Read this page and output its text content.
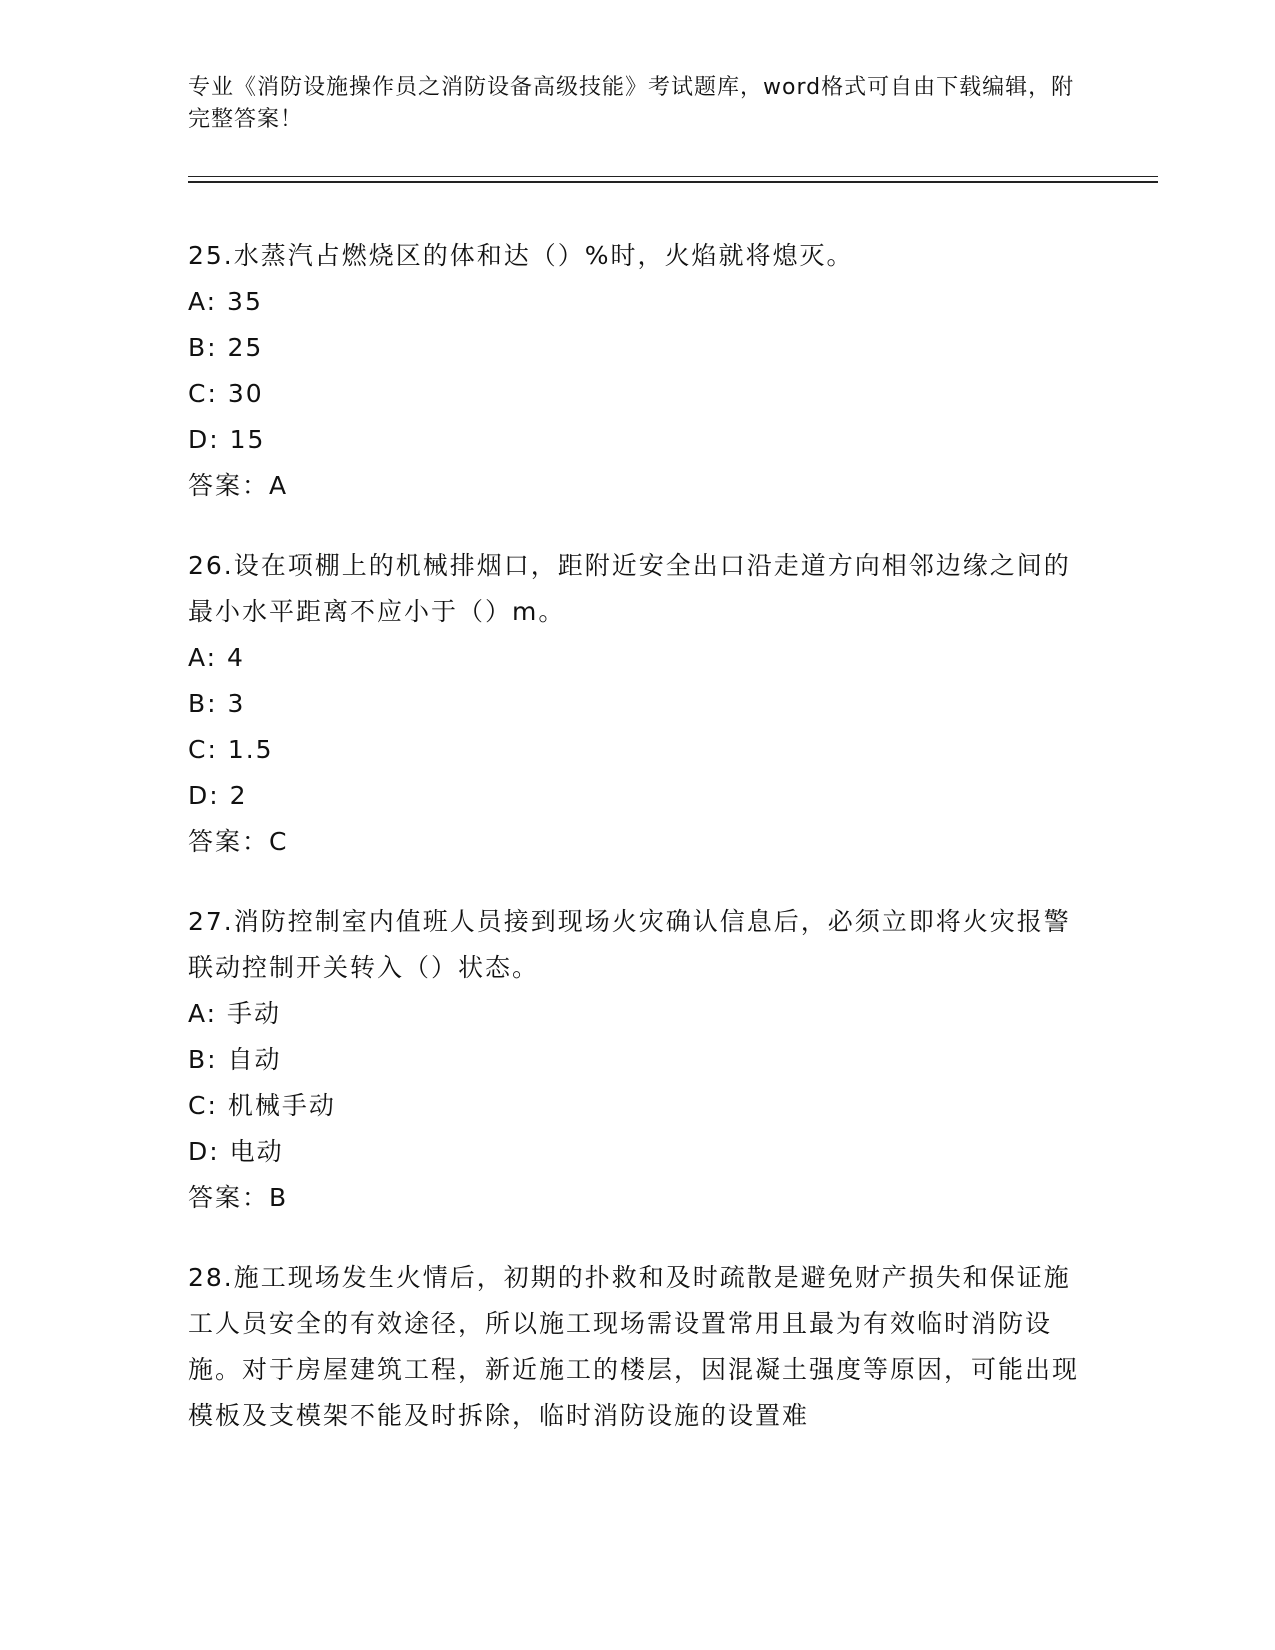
专业《消防设施操作员之消防设备高级技能》考试题库，word格式可自由下载编辑，附完整答案！

25.水蒸汽占燃烧区的体和达（）%时，火焰就将熄灭。

A: 35

B: 25

C: 30

D: 15

答案：A

26.设在项棚上的机械排烟口，距附近安全出口沿走道方向相邻边缘之间的最小水平距离不应小于（）m。

A: 4

B: 3

C: 1.5

D: 2

答案：C

27.消防控制室内值班人员接到现场火灾确认信息后，必须立即将火灾报警联动控制开关转入（）状态。

A: 手动

B: 自动

C: 机械手动

D: 电动

答案：B

28.施工现场发生火情后，初期的扑救和及时疏散是避免财产损失和保证施工人员安全的有效途径，所以施工现场需设置常用且最为有效临时消防设施。对于房屋建筑工程，新近施工的楼层，因混凝土强度等原因，可能出现模板及支模架不能及时拆除，临时消防设施的设置难
